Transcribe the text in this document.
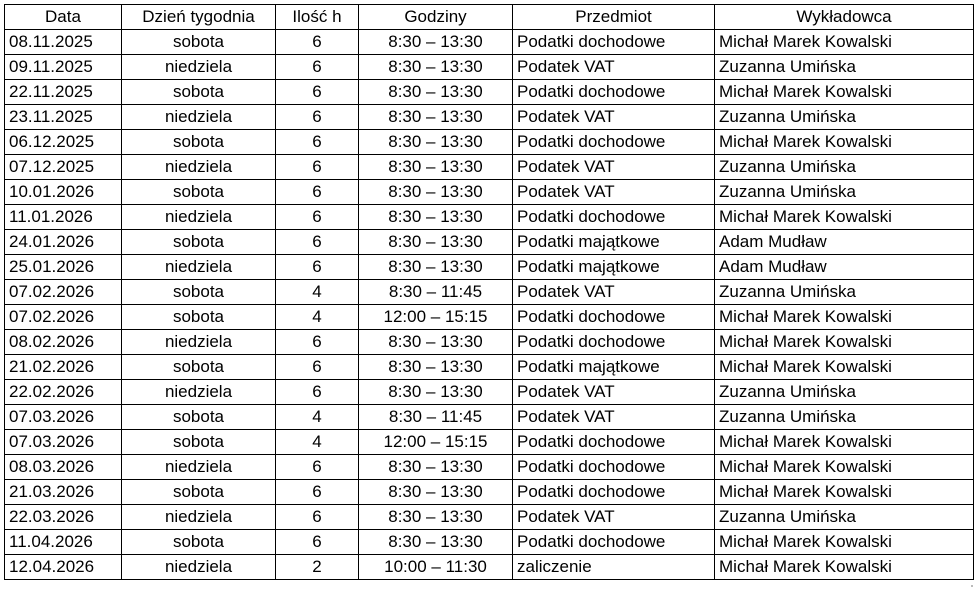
Data	Dzień tygodnia	Ilość h	Godziny	Przedmiot	Wykładowca
08.11.2025	sobota	6	8:30 – 13:30	Podatki dochodowe	Michał Marek Kowalski
09.11.2025	niedziela	6	8:30 – 13:30	Podatek VAT	Zuzanna Umińska
22.11.2025	sobota	6	8:30 – 13:30	Podatki dochodowe	Michał Marek Kowalski
23.11.2025	niedziela	6	8:30 – 13:30	Podatek VAT	Zuzanna Umińska
06.12.2025	sobota	6	8:30 – 13:30	Podatki dochodowe	Michał Marek Kowalski
07.12.2025	niedziela	6	8:30 – 13:30	Podatek VAT	Zuzanna Umińska
10.01.2026	sobota	6	8:30 – 13:30	Podatek VAT	Zuzanna Umińska
11.01.2026	niedziela	6	8:30 – 13:30	Podatki dochodowe	Michał Marek Kowalski
24.01.2026	sobota	6	8:30 – 13:30	Podatki majątkowe	Adam Mudław
25.01.2026	niedziela	6	8:30 – 13:30	Podatki majątkowe	Adam Mudław
07.02.2026	sobota	4	8:30 – 11:45	Podatek VAT	Zuzanna Umińska
07.02.2026	sobota	4	12:00 – 15:15	Podatki dochodowe	Michał Marek Kowalski
08.02.2026	niedziela	6	8:30 – 13:30	Podatki dochodowe	Michał Marek Kowalski
21.02.2026	sobota	6	8:30 – 13:30	Podatki majątkowe	Michał Marek Kowalski
22.02.2026	niedziela	6	8:30 – 13:30	Podatek VAT	Zuzanna Umińska
07.03.2026	sobota	4	8:30 – 11:45	Podatek VAT	Zuzanna Umińska
07.03.2026	sobota	4	12:00 – 15:15	Podatki dochodowe	Michał Marek Kowalski
08.03.2026	niedziela	6	8:30 – 13:30	Podatki dochodowe	Michał Marek Kowalski
21.03.2026	sobota	6	8:30 – 13:30	Podatki dochodowe	Michał Marek Kowalski
22.03.2026	niedziela	6	8:30 – 13:30	Podatek VAT	Zuzanna Umińska
11.04.2026	sobota	6	8:30 – 13:30	Podatki dochodowe	Michał Marek Kowalski
12.04.2026	niedziela	2	10:00 – 11:30	zaliczenie	Michał Marek Kowalski
